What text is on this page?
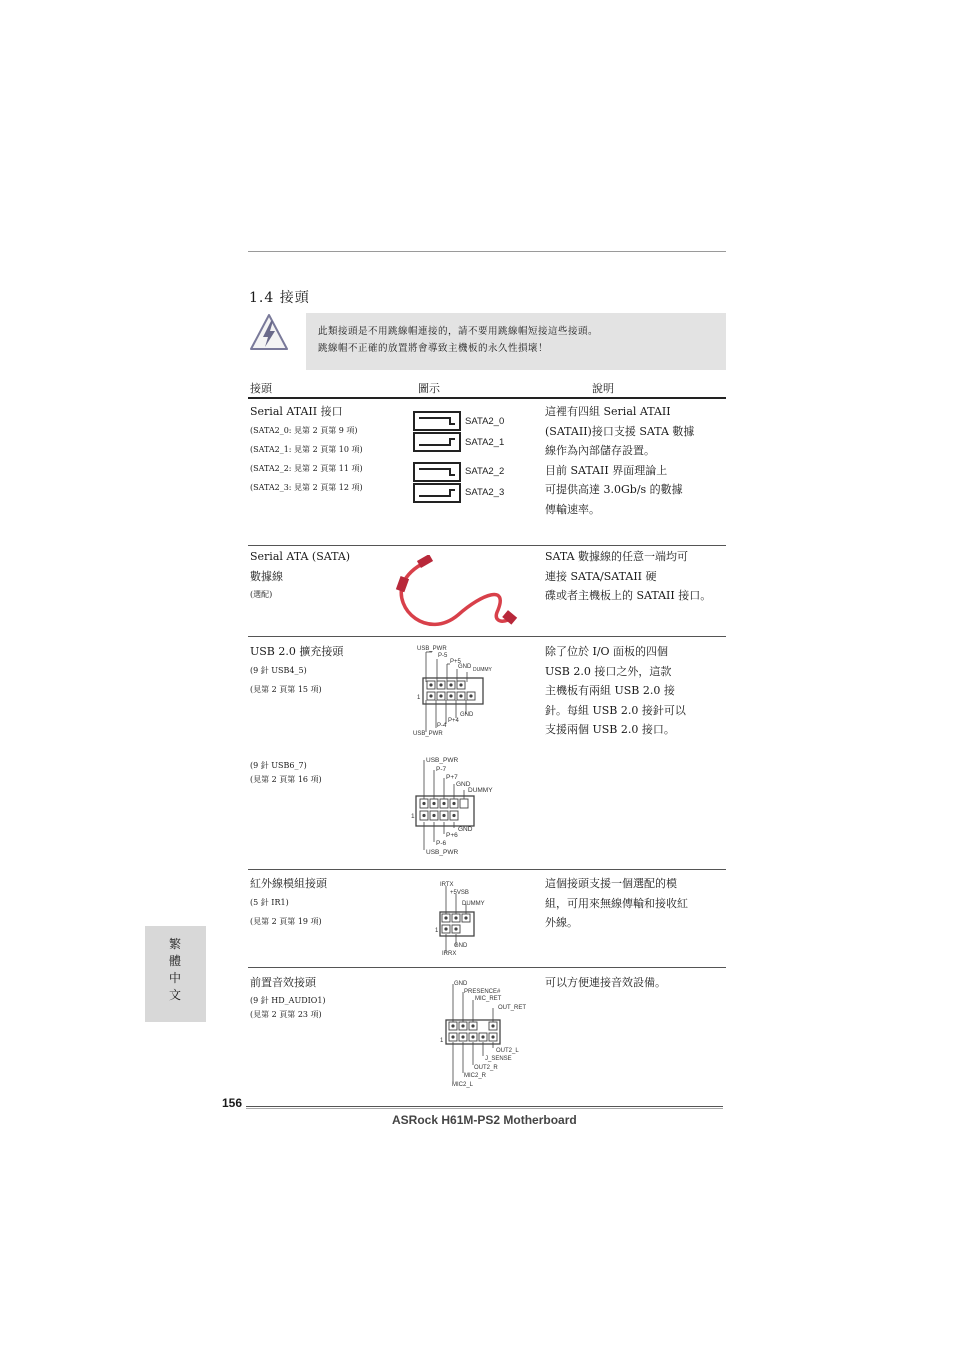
1.4 接頭
此類接頭是不用跳線帽連接的，請不要用跳線帽短接這些接頭。
跳線帽不正確的放置將會導致主機板的永久性損壞！
接頭	圖示	說明
Serial ATAII 接口
(SATA2_0: 見第 2 頁第 9 項)
(SATA2_1: 見第 2 頁第 10 項)
(SATA2_2: 見第 2 頁第 11 項)
(SATA2_3: 見第 2 頁第 12 項)
SATA2_0
SATA2_1
SATA2_2
SATA2_3
這裡有四組 Serial ATAII
(SATAII)接口支援 SATA 數據
線作為內部儲存設置。
目前 SATAII 界面理論上
可提供高達 3.0Gb/s 的數據
傳輸速率。
Serial ATA (SATA)
數據線
(選配)
SATA 數據線的任意一端均可
連接 SATA/SATAII 硬
碟或者主機板上的 SATAII 接口。
USB 2.0 擴充接頭
(9 針 USB4_5)
(見第 2 頁第 15 項)
(9 針 USB6_7)
(見第 2 頁第 16 項)
USB_PWR
P-5
P+5
GND DUMMY
1
GND
P+4
P-4
USB_PWR
USB_PWR
P-7
P+7
GND
DUMMY
1
GND
P+6
P-6
USB_PWR
除了位於 I/O 面板的四個
USB 2.0 接口之外，這款
主機板有兩組 USB 2.0 接
針。每組 USB 2.0 接針可以
支援兩個 USB 2.0 接口。
紅外線模組接頭
(5 針 IR1)
(見第 2 頁第 19 項)
IRTX
+5VSB
DUMMY
1
GND
IRRX
這個接頭支援一個選配的模
組，可用來無線傳輸和接收紅
外線。
前置音效接頭
(9 針 HD_AUDIO1)
(見第 2 頁第 23 項)
GND
PRESENCE#
MIC_RET
OUT_RET
1
OUT2_L
J_SENSE
OUT2_R
MIC2_R
MIC2_L
可以方便連接音效設備。
繁體中文
156
ASRock H61M-PS2 Motherboard
